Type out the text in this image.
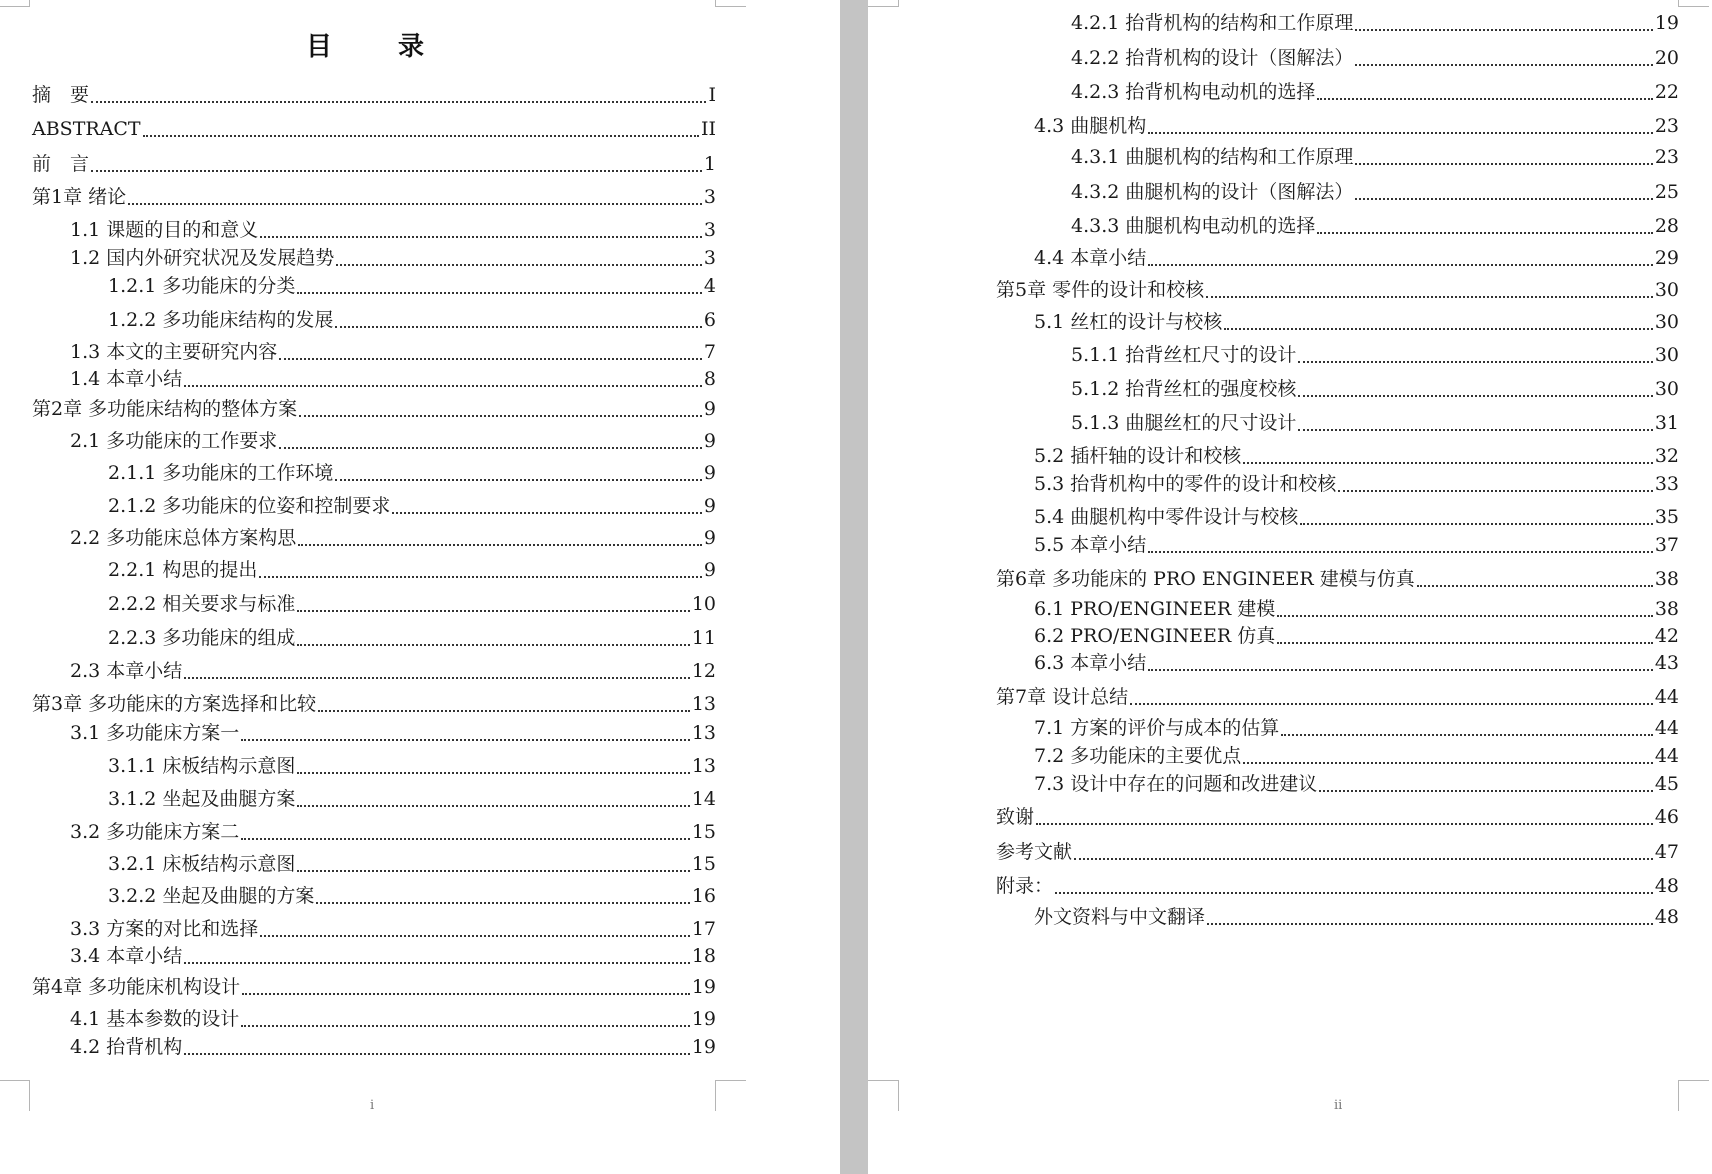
目　录
摘　要	I
ABSTRACT	II
前　言	1
第1章 绪论	3
1.1 课题的目的和意义	3
1.2 国内外研究状况及发展趋势	3
1.2.1 多功能床的分类	4
1.2.2 多功能床结构的发展	6
1.3 本文的主要研究内容	7
1.4 本章小结	8
第2章 多功能床结构的整体方案	9
2.1 多功能床的工作要求	9
2.1.1 多功能床的工作环境	9
2.1.2 多功能床的位姿和控制要求	9
2.2 多功能床总体方案构思	9
2.2.1 构思的提出	9
2.2.2 相关要求与标准	10
2.2.3 多功能床的组成	11
2.3 本章小结	12
第3章 多功能床的方案选择和比较	13
3.1 多功能床方案一	13
3.1.1 床板结构示意图	13
3.1.2 坐起及曲腿方案	14
3.2 多功能床方案二	15
3.2.1 床板结构示意图	15
3.2.2 坐起及曲腿的方案	16
3.3 方案的对比和选择	17
3.4 本章小结	18
第4章 多功能床机构设计	19
4.1 基本参数的设计	19
4.2 抬背机构	19
i
4.2.1 抬背机构的结构和工作原理	19
4.2.2 抬背机构的设计（图解法）	20
4.2.3 抬背机构电动机的选择	22
4.3 曲腿机构	23
4.3.1 曲腿机构的结构和工作原理	23
4.3.2 曲腿机构的设计（图解法）	25
4.3.3 曲腿机构电动机的选择	28
4.4 本章小结	29
第5章 零件的设计和校核	30
5.1 丝杠的设计与校核	30
5.1.1 抬背丝杠尺寸的设计	30
5.1.2 抬背丝杠的强度校核	30
5.1.3 曲腿丝杠的尺寸设计	31
5.2 插杆轴的设计和校核	32
5.3 抬背机构中的零件的设计和校核	33
5.4 曲腿机构中零件设计与校核	35
5.5 本章小结	37
第6章 多功能床的 PRO ENGINEER 建模与仿真	38
6.1 PRO/ENGINEER 建模	38
6.2 PRO/ENGINEER 仿真	42
6.3 本章小结	43
第7章 设计总结	44
7.1 方案的评价与成本的估算	44
7.2 多功能床的主要优点	44
7.3 设计中存在的问题和改进建议	45
致谢	46
参考文献	47
附录：	48
外文资料与中文翻译	48
ii
